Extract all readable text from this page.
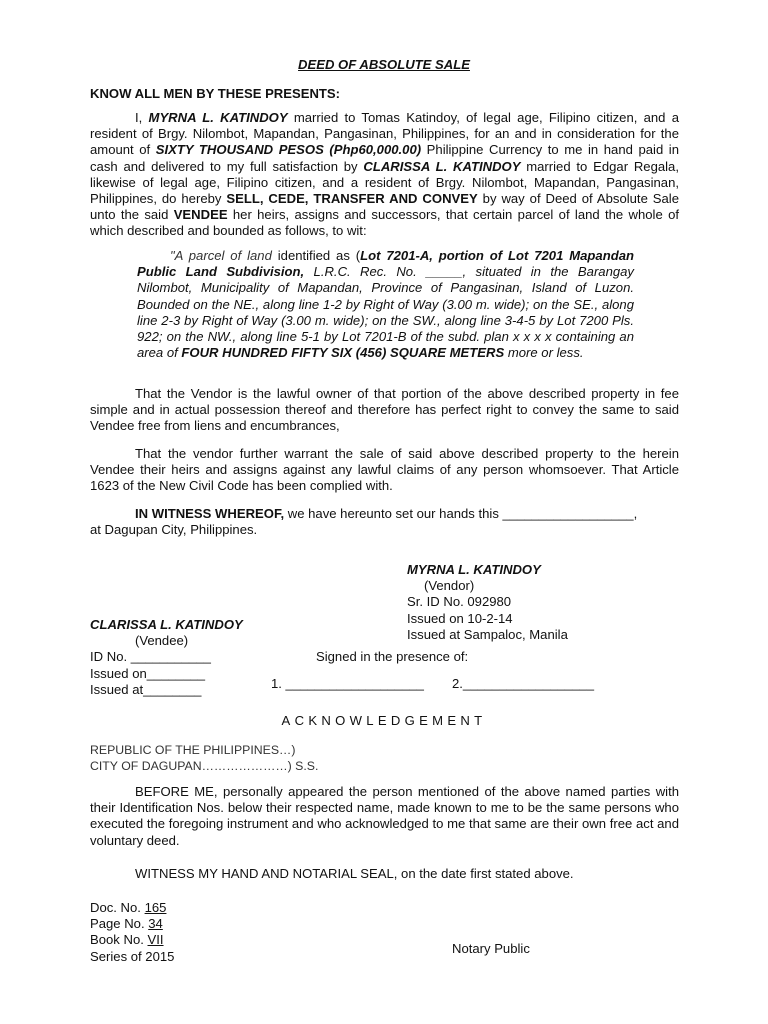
DEED OF ABSOLUTE SALE
KNOW ALL MEN BY THESE PRESENTS:
I, MYRNA L. KATINDOY married to Tomas Katindoy, of legal age, Filipino citizen, and a resident of Brgy. Nilombot, Mapandan, Pangasinan, Philippines, for an and in consideration for the amount of SIXTY THOUSAND PESOS (Php60,000.00) Philippine Currency to me in hand paid in cash and delivered to my full satisfaction by CLARISSA L. KATINDOY married to Edgar Regala, likewise of legal age, Filipino citizen, and a resident of Brgy. Nilombot, Mapandan, Pangasinan, Philippines, do hereby SELL, CEDE, TRANSFER AND CONVEY by way of Deed of Absolute Sale unto the said VENDEE her heirs, assigns and successors, that certain parcel of land the whole of which described and bounded as follows, to wit:
"A parcel of land identified as (Lot 7201-A, portion of Lot 7201 Mapandan Public Land Subdivision, L.R.C. Rec. No. _____, situated in the Barangay Nilombot, Municipality of Mapandan, Province of Pangasinan, Island of Luzon. Bounded on the NE., along line 1-2 by Right of Way (3.00 m. wide); on the SE., along line 2-3 by Right of Way (3.00 m. wide); on the SW., along line 3-4-5 by Lot 7200 Pls. 922; on the NW., along line 5-1 by Lot 7201-B of the subd. plan x x x x containing an area of FOUR HUNDRED FIFTY SIX (456) SQUARE METERS more or less.
That the Vendor is the lawful owner of that portion of the above described property in fee simple and in actual possession thereof and therefore has perfect right to convey the same to said Vendee free from liens and encumbrances,
That the vendor further warrant the sale of said above described property to the herein Vendee their heirs and assigns against any lawful claims of any person whomsoever. That Article 1623 of the New Civil Code has been complied with.
IN WITNESS WHEREOF, we have hereunto set our hands this __________________,
at Dagupan City, Philippines.
MYRNA L. KATINDOY
(Vendor)
Sr. ID No. 092980
Issued on 10-2-14
Issued at Sampaloc, Manila
CLARISSA L. KATINDOY
(Vendee)
ID No. ___________
Issued on________
Issued at________
Signed in the presence of:
1. ___________________ 2.__________________
ACKNOWLEDGEMENT
REPUBLIC OF THE PHILIPPINES…)
CITY OF DAGUPAN…………………) S.S.
BEFORE ME, personally appeared the person mentioned of the above named parties with their Identification Nos. below their respected name, made known to me to be the same persons who executed the foregoing instrument and who acknowledged to me that same are their own free act and voluntary deed.
WITNESS MY HAND AND NOTARIAL SEAL, on the date first stated above.
Doc. No. 165
Page No. 34
Book No. VII
Series of 2015
Notary Public
